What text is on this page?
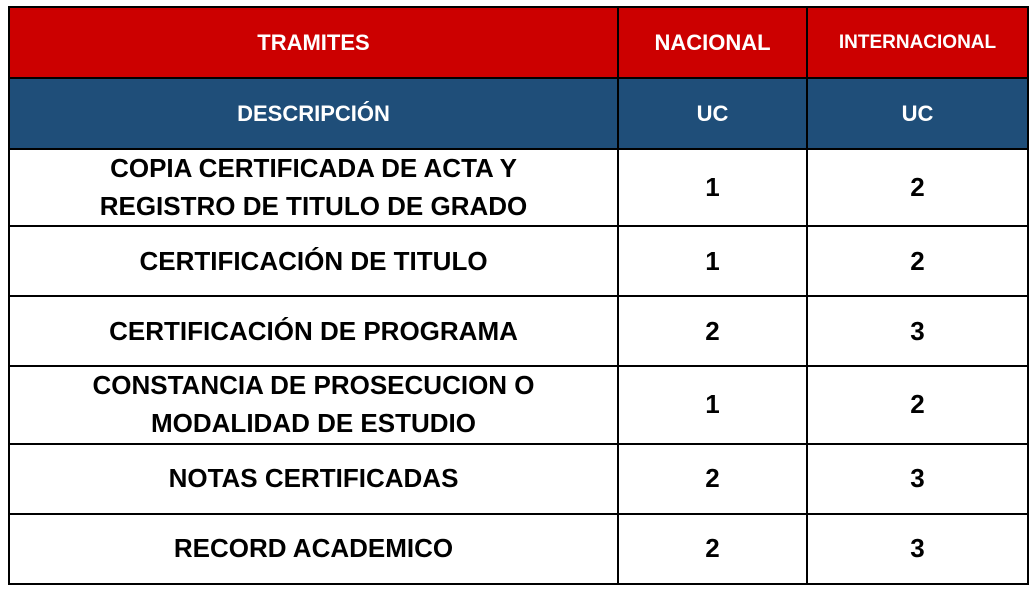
TRAMITES	NACIONAL	INTERNACIONAL
DESCRIPCIÓN	UC	UC
COPIA CERTIFICADA DE ACTA Y
REGISTRO DE TITULO DE GRADO	1	2
CERTIFICACIÓN DE TITULO	1	2
CERTIFICACIÓN DE PROGRAMA	2	3
CONSTANCIA DE PROSECUCION O
MODALIDAD DE ESTUDIO	1	2
NOTAS CERTIFICADAS	2	3
RECORD ACADEMICO	2	3
